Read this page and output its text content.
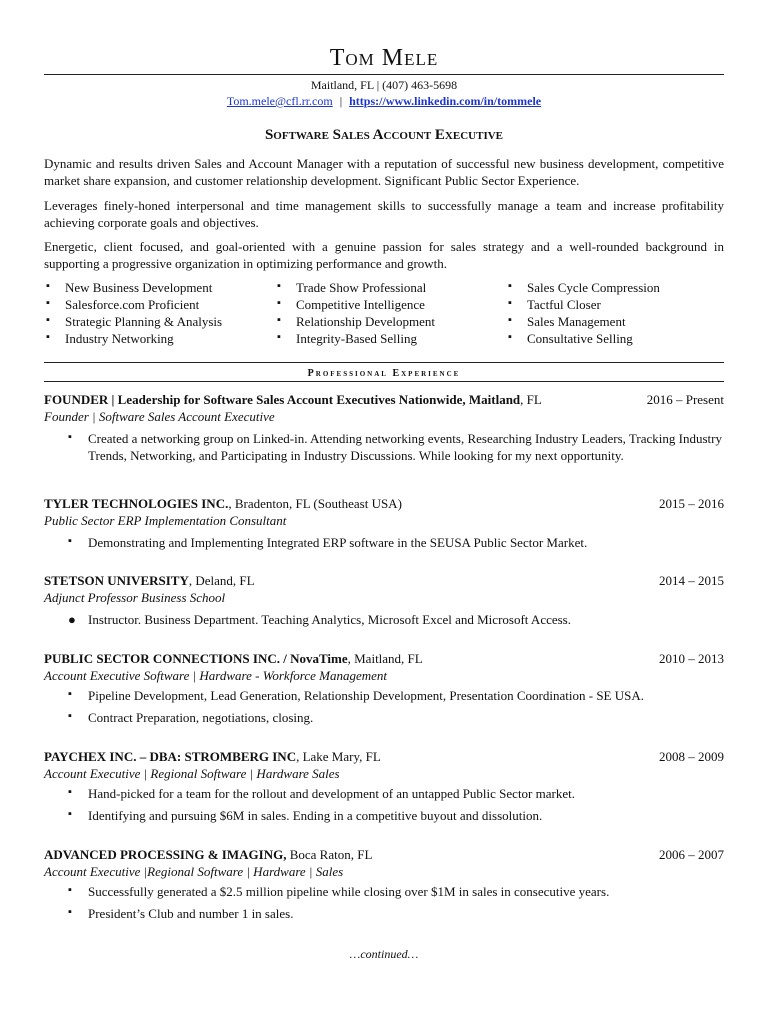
Tom Mele
Maitland, FL | (407) 463-5698
Tom.mele@cfl.rr.com | https://www.linkedin.com/in/tommele
Software Sales Account Executive

Dynamic and results driven Sales and Account Manager with a reputation of successful new business development, competitive market share expansion, and customer relationship development. Significant Public Sector Experience.

Leverages finely-honed interpersonal and time management skills to successfully manage a team and increase profitability achieving corporate goals and objectives.

Energetic, client focused, and goal-oriented with a genuine passion for sales strategy and a well-rounded background in supporting a progressive organization in optimizing performance and growth.

▪ New Business Development
▪ Salesforce.com Proficient
▪ Strategic Planning & Analysis
▪ Industry Networking
▪ Trade Show Professional
▪ Competitive Intelligence
▪ Relationship Development
▪ Integrity-Based Selling
▪ Sales Cycle Compression
▪ Tactful Closer
▪ Sales Management
▪ Consultative Selling
Professional Experience
FOUNDER | Leadership for Software Sales Account Executives Nationwide, Maitland, FL	2016 – Present
Founder | Software Sales Account Executive
▪ Created a networking group on Linked-in. Attending networking events, Researching Industry Leaders, Tracking Industry Trends, Networking, and Participating in Industry Discussions. While looking for my next opportunity.
TYLER TECHNOLOGIES INC., Bradenton, FL (Southeast USA)	2015 – 2016
Public Sector ERP Implementation Consultant
▪ Demonstrating and Implementing Integrated ERP software in the SEUSA Public Sector Market.
STETSON UNIVERSITY, Deland, FL	2014 – 2015
Adjunct Professor Business School
● Instructor. Business Department. Teaching Analytics, Microsoft Excel and Microsoft Access.
PUBLIC SECTOR CONNECTIONS INC. / NovaTime, Maitland, FL	2010 – 2013
Account Executive Software | Hardware - Workforce Management
▪ Pipeline Development, Lead Generation, Relationship Development, Presentation Coordination - SE USA.
▪ Contract Preparation, negotiations, closing.
PAYCHEX INC. – DBA: STROMBERG INC, Lake Mary, FL	2008 – 2009
Account Executive | Regional Software | Hardware Sales
▪ Hand-picked for a team for the rollout and development of an untapped Public Sector market.
▪ Identifying and pursuing $6M in sales. Ending in a competitive buyout and dissolution.
ADVANCED PROCESSING & IMAGING, Boca Raton, FL	2006 – 2007
Account Executive |Regional Software | Hardware | Sales
▪ Successfully generated a $2.5 million pipeline while closing over $1M in sales in consecutive years.
▪ President’s Club and number 1 in sales.
…continued…
